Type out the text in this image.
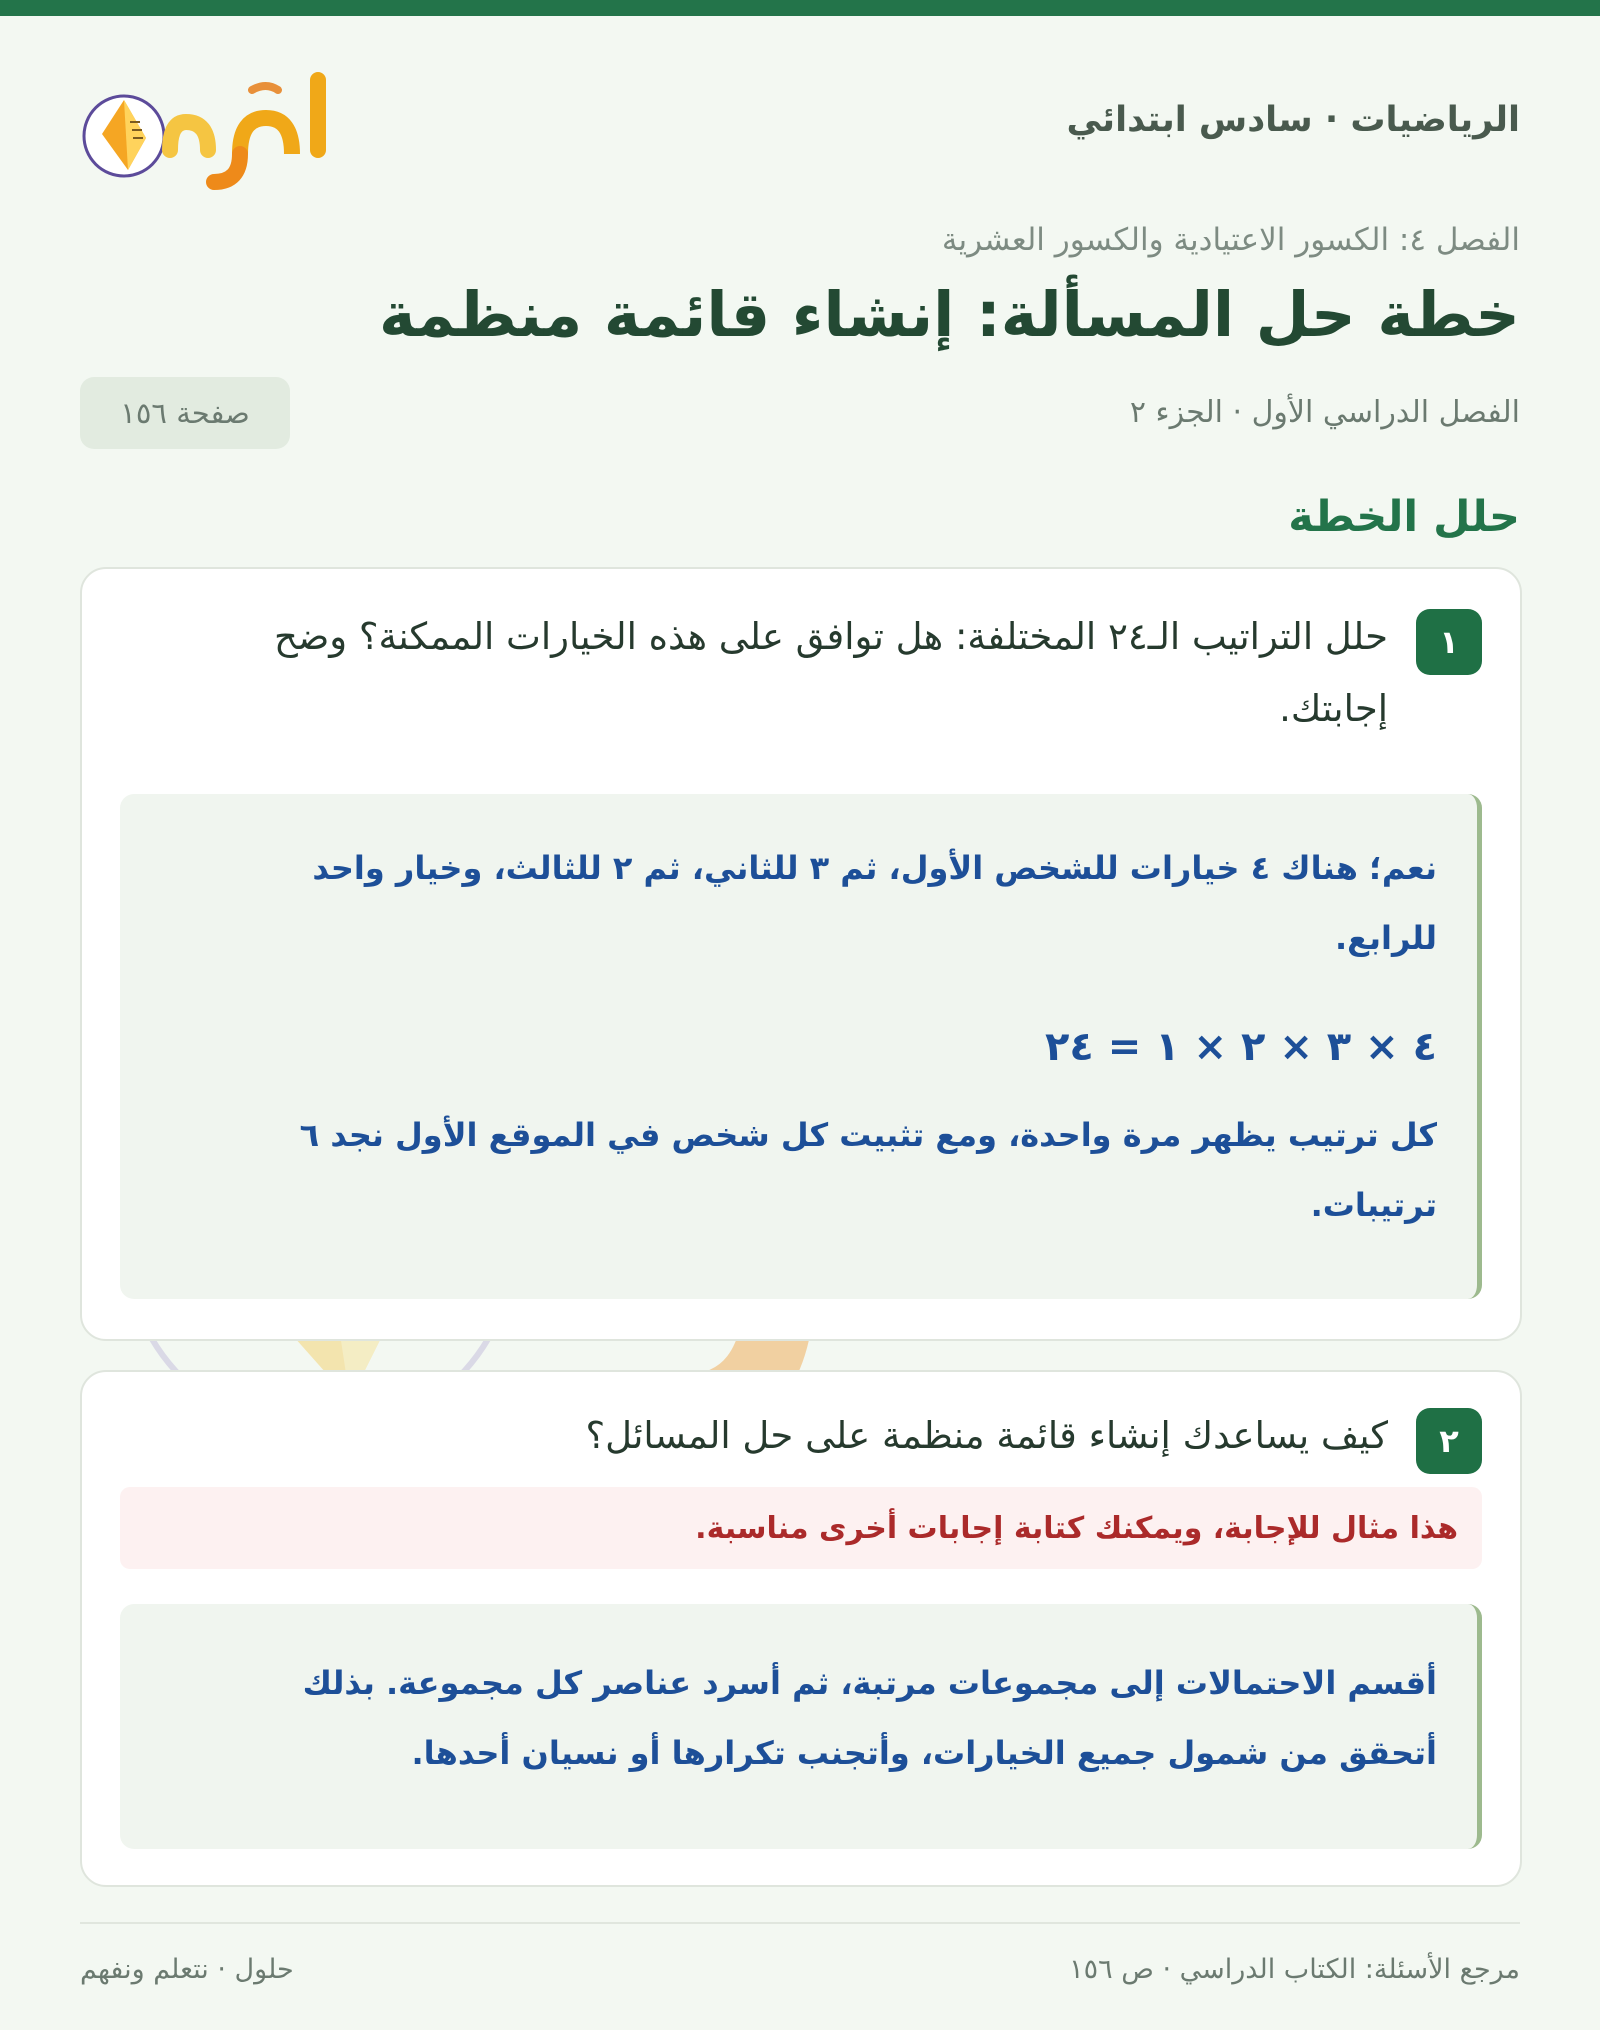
الرياضيات · سادس ابتدائي
حلول
الفصل ٤: الكسور الاعتيادية والكسور العشرية
خطة حل المسألة: إنشاء قائمة منظمة
الفصل الدراسي الأول · الجزء ٢
صفحة ١٥٦
حلل الخطة
١
حلل التراتيب الـ٢٤ المختلفة: هل توافق على هذه الخيارات الممكنة؟ وضح
إجابتك.

نعم؛ هناك ٤ خيارات للشخص الأول، ثم ٣ للثاني، ثم ٢ للثالث، وخيار واحد

للرابع.

٤ × ٣ × ٢ × ١ = ٢٤

كل ترتيب يظهر مرة واحدة، ومع تثبيت كل شخص في الموقع الأول نجد ٦

ترتيبات.

٢
كيف يساعدك إنشاء قائمة منظمة على حل المسائل؟
هذا مثال للإجابة، ويمكنك كتابة إجابات أخرى مناسبة.

أقسم الاحتمالات إلى مجموعات مرتبة، ثم أسرد عناصر كل مجموعة. بذلك

أتحقق من شمول جميع الخيارات، وأتجنب تكرارها أو نسيان أحدها.

مرجع الأسئلة: الكتاب الدراسي · ص ١٥٦
حلول · نتعلم ونفهم
